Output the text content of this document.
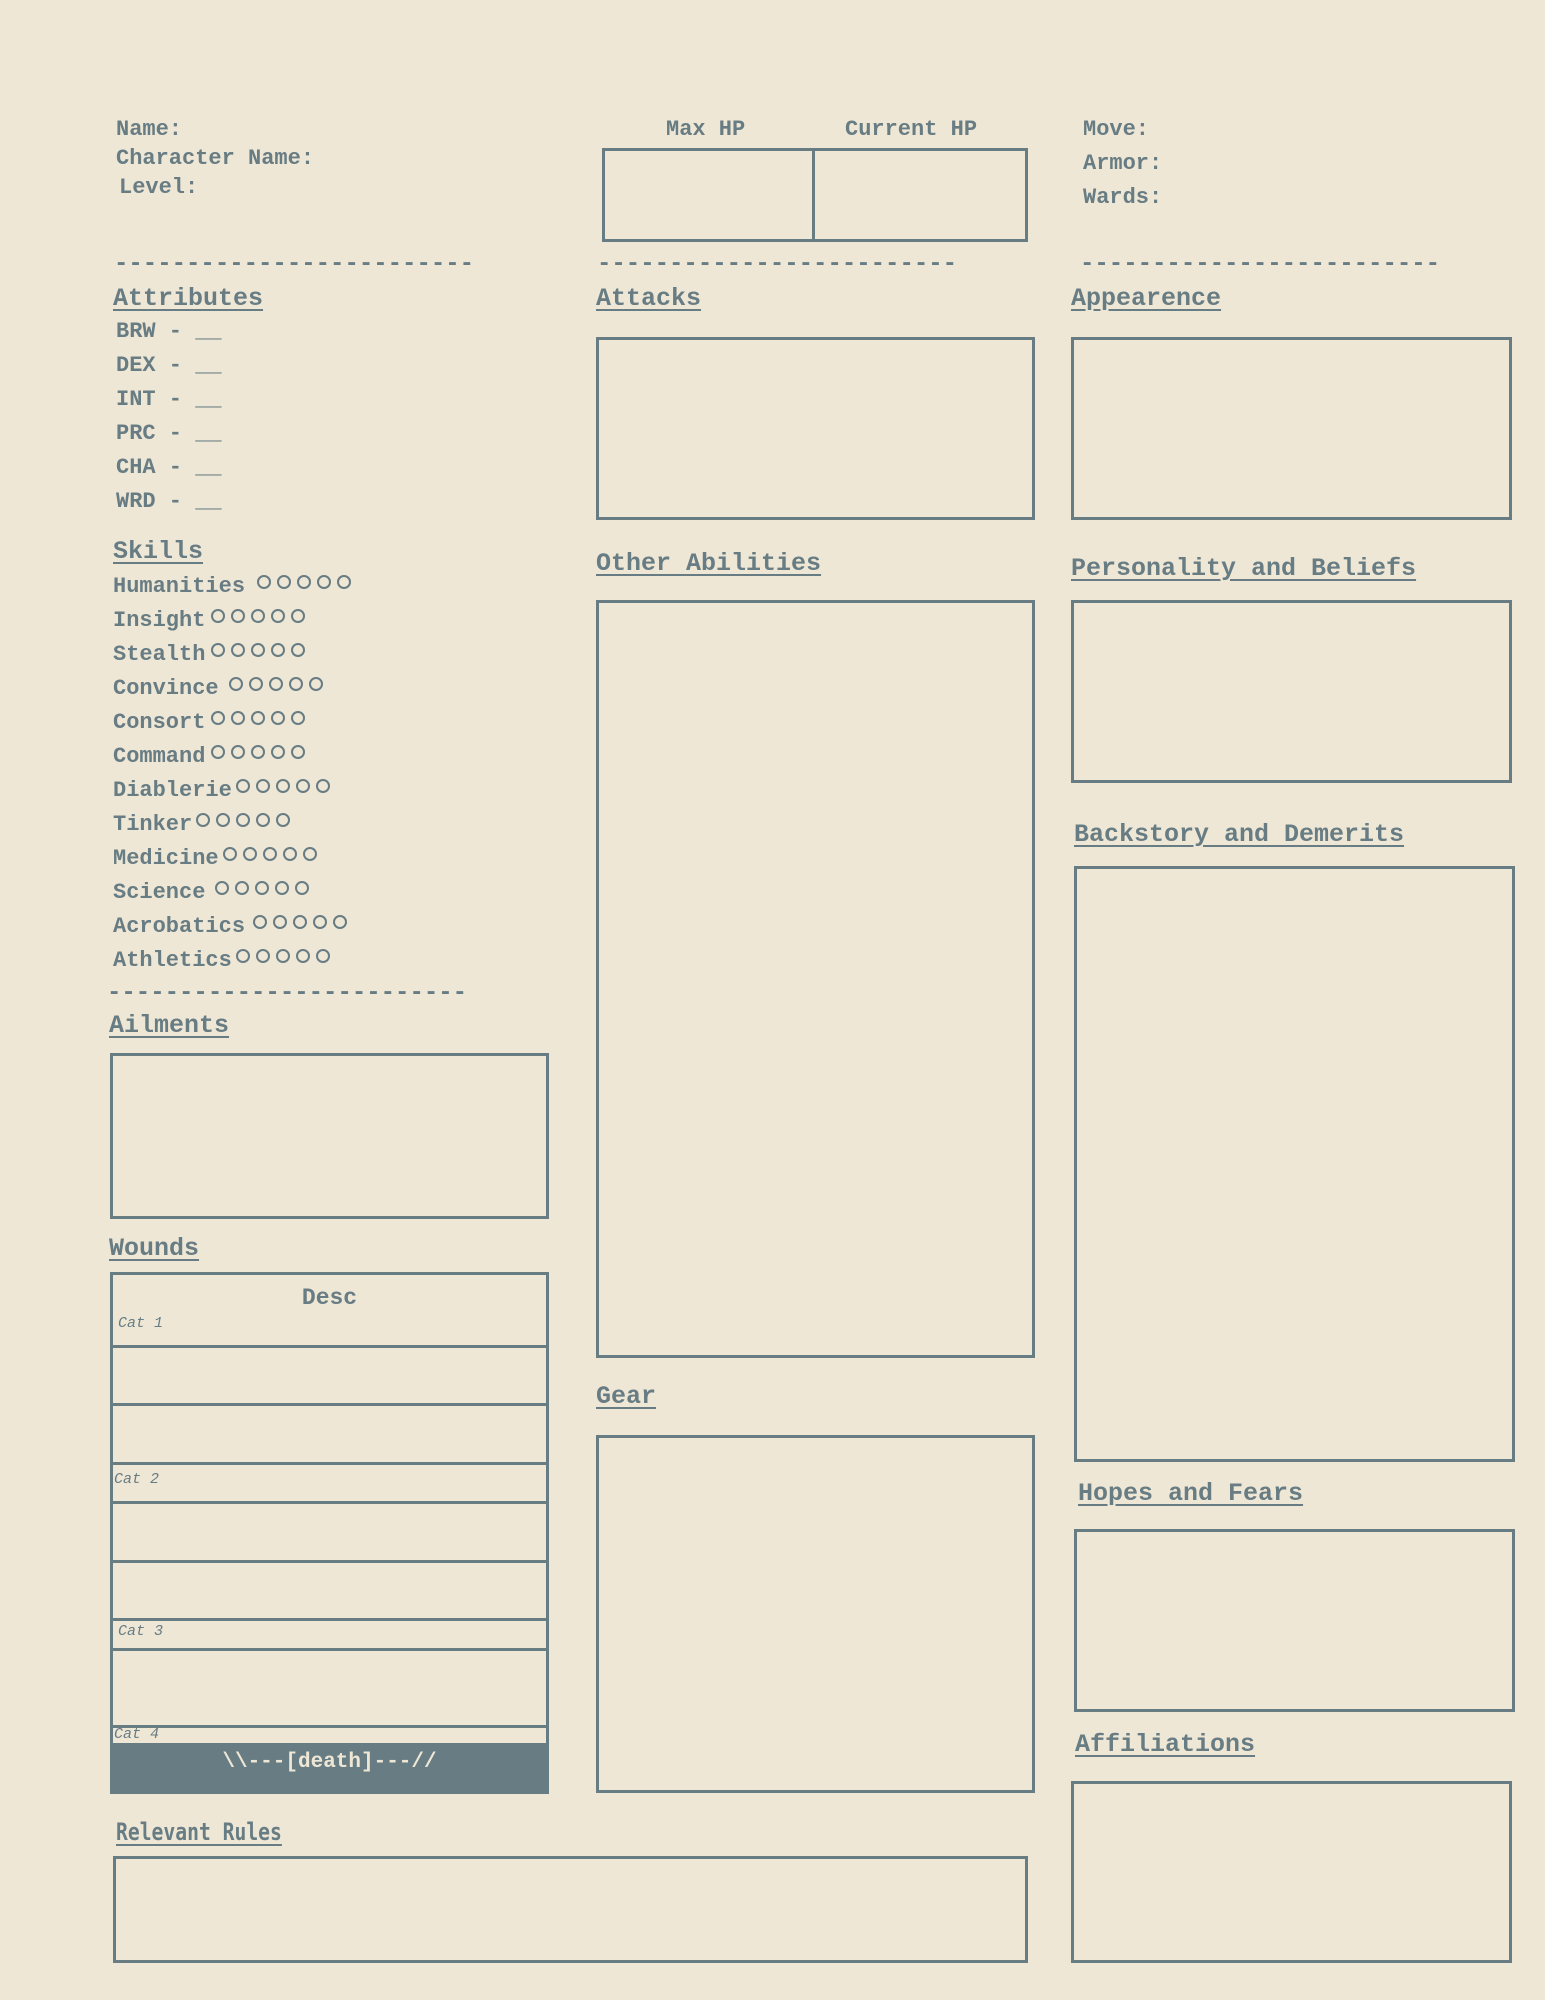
Name:
Character Name:
Level:
Max HP	Current HP	Move:
Armor:
Wards:
-------------------------	-------------------------	-------------------------
Attributes
BRW - __
DEX - __
INT - __
PRC - __
CHA - __
WRD - __
Skills
Humanities
Insight
Stealth
Convince
Consort
Command
Diablerie
Tinker
Medicine
Science
Acrobatics
Athletics
-------------------------
Ailments
Wounds
Desc
Cat 1
Cat 2
Cat 3
Cat 4
\\---[death]---//
Relevant Rules
Attacks
Other Abilities
Gear
Appearence
Personality and Beliefs
Backstory and Demerits
Hopes and Fears
Affiliations
